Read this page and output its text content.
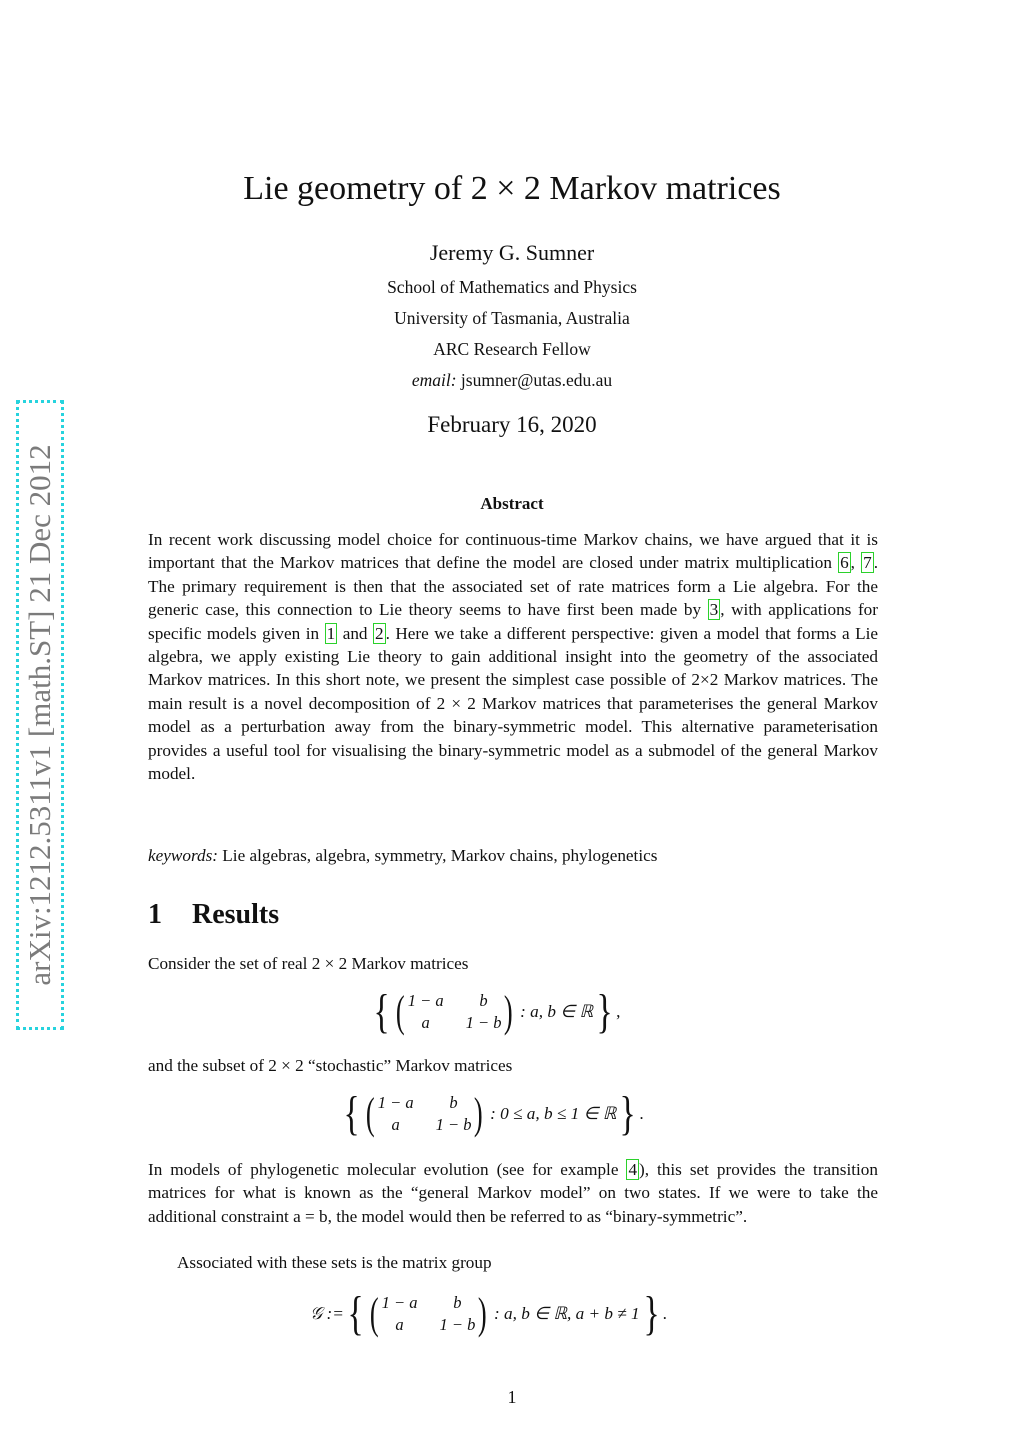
arXiv:1212.5311v1 [math.ST] 21 Dec 2012
Lie geometry of 2 × 2 Markov matrices
Jeremy G. Sumner
School of Mathematics and Physics
University of Tasmania, Australia
ARC Research Fellow
email: jsumner@utas.edu.au
February 16, 2020
Abstract
In recent work discussing model choice for continuous-time Markov chains, we have argued that it is important that the Markov matrices that define the model are closed under matrix multiplication 6 , 7 . The primary requirement is then that the associated set of rate matrices form a Lie algebra. For the generic case, this connection to Lie theory seems to have first been made by 3 , with applications for specific models given in 1 and 2 . Here we take a different perspective: given a model that forms a Lie algebra, we apply existing Lie theory to gain additional insight into the geometry of the associated Markov matrices. In this short note, we present the simplest case possible of 2×2 Markov matrices. The main result is a novel decomposition of 2 × 2 Markov matrices that parameterises the general Markov model as a perturbation away from the binary-symmetric model. This alternative parameterisation provides a useful tool for visualising the binary-symmetric model as a submodel of the general Markov model.
keywords: Lie algebras, algebra, symmetry, Markov chains, phylogenetics
1 Results
Consider the set of real 2 × 2 Markov matrices
{ ( 1 − a	b
a	1 − b ) : a, b ∈ ℝ } ,
and the subset of 2 × 2 “stochastic” Markov matrices
{ ( 1 − a	b
a	1 − b ) : 0 ≤ a, b ≤ 1 ∈ ℝ } .
In models of phylogenetic molecular evolution (see for example 4 ), this set provides the transition matrices for what is known as the “general Markov model” on two states. If we were to take the additional constraint a = b, the model would then be referred to as “binary-symmetric”.
Associated with these sets is the matrix group
𝒢 := { ( 1 − a	b
a	1 − b ) : a, b ∈ ℝ, a + b ≠ 1 } .
1
